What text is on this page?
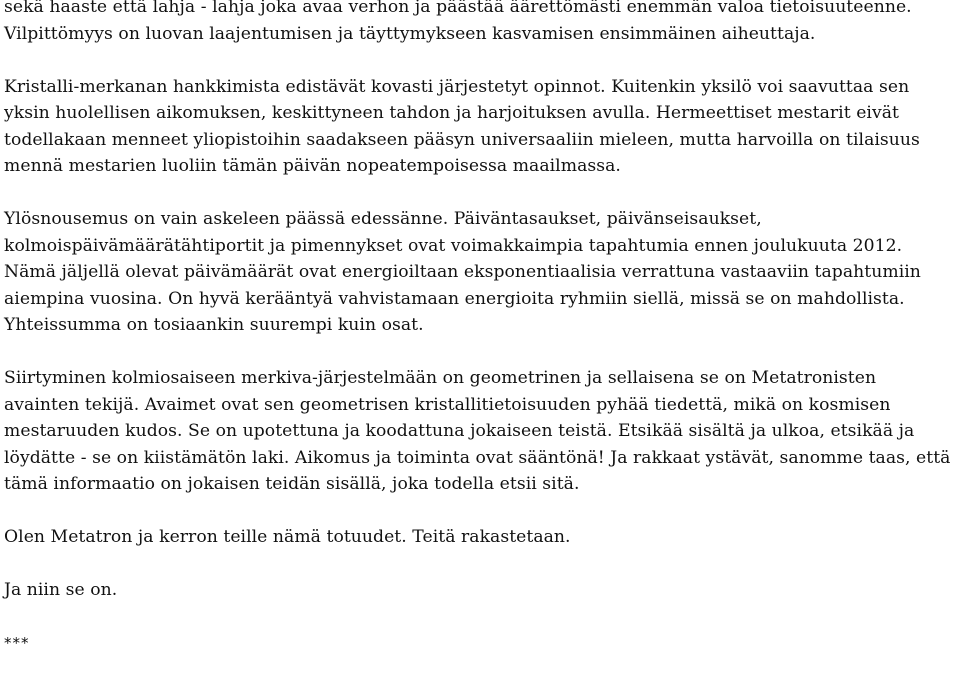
sekä haaste että lahja - lahja joka avaa verhon ja päästää äärettömästi enemmän valoa tietoisuuteenne. Vilpittömyys on luovan laajentumisen ja täyttymykseen kasvamisen ensimmäinen aiheuttaja.

Kristalli-merkanan hankkimista edistävät kovasti järjestetyt opinnot. Kuitenkin yksilö voi saavuttaa sen yksin huolellisen aikomuksen, keskittyneen tahdon ja harjoituksen avulla. Hermeettiset mestarit eivät todellakaan menneet yliopistoihin saadakseen pääsyn universaaliin mieleen, mutta harvoilla on tilaisuus mennä mestarien luoliin tämän päivän nopeatempoisessa maailmassa.

Ylösnousemus on vain askeleen päässä edessänne. Päiväntasaukset, päivänseisaukset, kolmoispäivämäärätähtiportit ja pimennykset ovat voimakkaimpia tapahtumia ennen joulukuuta 2012. Nämä jäljellä olevat päivämäärät ovat energioiltaan eksponentiaalisia verrattuna vastaaviin tapahtumiin aiempina vuosina. On hyvä kerääntyä vahvistamaan energioita ryhmiin siellä, missä se on mahdollista. Yhteissumma on tosiaankin suurempi kuin osat.

Siirtyminen kolmiosaiseen merkiva-järjestelmään on geometrinen ja sellaisena se on Metatronisten avainten tekijä. Avaimet ovat sen geometrisen kristallitietoisuuden pyhää tiedettä, mikä on kosmisen mestaruuden kudos. Se on upotettuna ja koodattuna jokaiseen teistä. Etsikää sisältä ja ulkoa, etsikää ja löydätte - se on kiistämätön laki. Aikomus ja toiminta ovat sääntönä! Ja rakkaat ystävät, sanomme taas, että tämä informaatio on jokaisen teidän sisällä, joka todella etsii sitä.

Olen Metatron ja kerron teille nämä totuudet. Teitä rakastetaan.

Ja niin se on.

***
